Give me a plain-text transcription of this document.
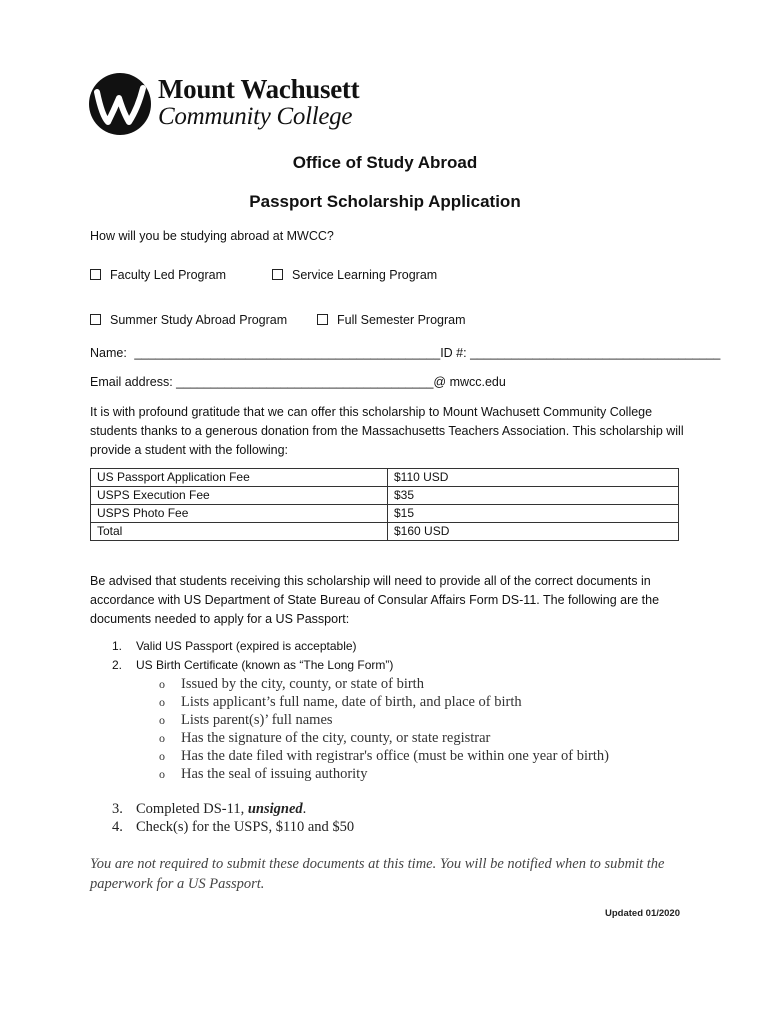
Mount Wachusett
Community College
Office of Study Abroad
Passport Scholarship Application
How will you be studying abroad at MWCC?
Faculty Led Program	Service Learning Program
Summer Study Abroad Program	Full Semester Program
Name: ____________________________________________ID #: ____________________________________
Email address: _____________________________________@ mwcc.edu
It is with profound gratitude that we can offer this scholarship to Mount Wachusett Community College students thanks to a generous donation from the Massachusetts Teachers Association. This scholarship will provide a student with the following:
US Passport Application Fee	$110 USD
USPS Execution Fee	$35
USPS Photo Fee	$15
Total	$160 USD
Be advised that students receiving this scholarship will need to provide all of the correct documents in accordance with US Department of State Bureau of Consular Affairs Form DS-11. The following are the documents needed to apply for a US Passport:
1. Valid US Passport (expired is acceptable)
2. US Birth Certificate (known as “The Long Form”)
o Issued by the city, county, or state of birth
o Lists applicant’s full name, date of birth, and place of birth
o Lists parent(s)’ full names
o Has the signature of the city, county, or state registrar
o Has the date filed with registrar's office (must be within one year of birth)
o Has the seal of issuing authority
3. Completed DS-11, unsigned.
4. Check(s) for the USPS, $110 and $50
You are not required to submit these documents at this time. You will be notified when to submit the paperwork for a US Passport.
Updated 01/2020
